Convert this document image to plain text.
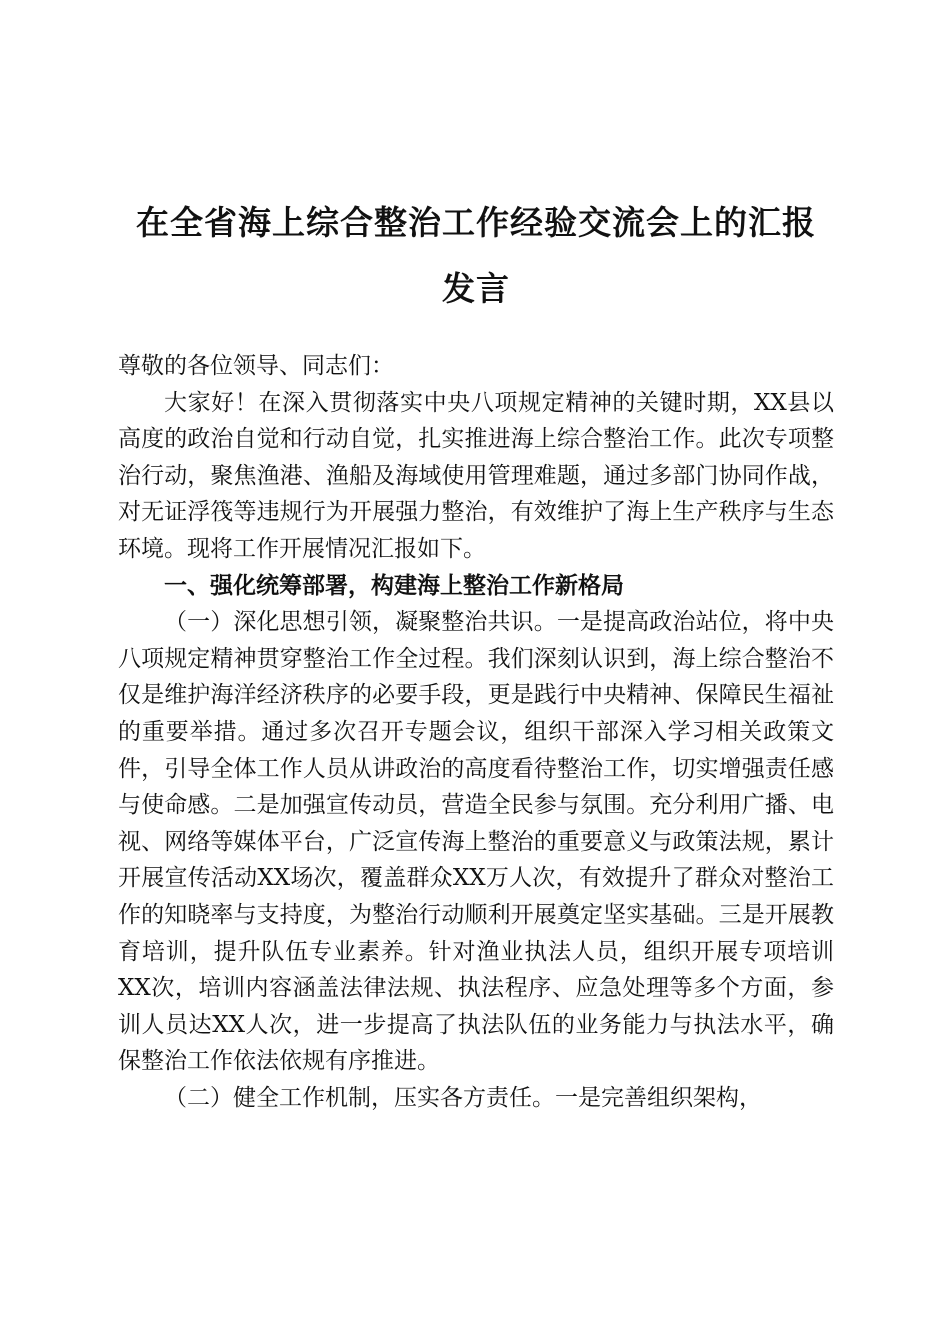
在全省海上综合整治工作经验交流会上的汇报
发言

尊敬的各位领导、同志们：

大家好！在深入贯彻落实中央八项规定精神的关键时期，XX县以高度的政治自觉和行动自觉，扎实推进海上综合整治工作。此次专项整治行动，聚焦渔港、渔船及海域使用管理难题，通过多部门协同作战，对无证浮筏等违规行为开展强力整治，有效维护了海上生产秩序与生态环境。现将工作开展情况汇报如下。

一、强化统筹部署，构建海上整治工作新格局

（一）深化思想引领，凝聚整治共识。一是提高政治站位，将中央八项规定精神贯穿整治工作全过程。我们深刻认识到，海上综合整治不仅是维护海洋经济秩序的必要手段，更是践行中央精神、保障民生福祉的重要举措。通过多次召开专题会议，组织干部深入学习相关政策文件，引导全体工作人员从讲政治的高度看待整治工作，切实增强责任感与使命感。二是加强宣传动员，营造全民参与氛围。充分利用广播、电视、网络等媒体平台，广泛宣传海上整治的重要意义与政策法规，累计开展宣传活动XX场次，覆盖群众XX万人次，有效提升了群众对整治工作的知晓率与支持度，为整治行动顺利开展奠定坚实基础。三是开展教育培训，提升队伍专业素养。针对渔业执法人员，组织开展专项培训XX次，培训内容涵盖法律法规、执法程序、应急处理等多个方面，参训人员达XX人次，进一步提高了执法队伍的业务能力与执法水平，确保整治工作依法依规有序推进。

（二）健全工作机制，压实各方责任。一是完善组织架构，
